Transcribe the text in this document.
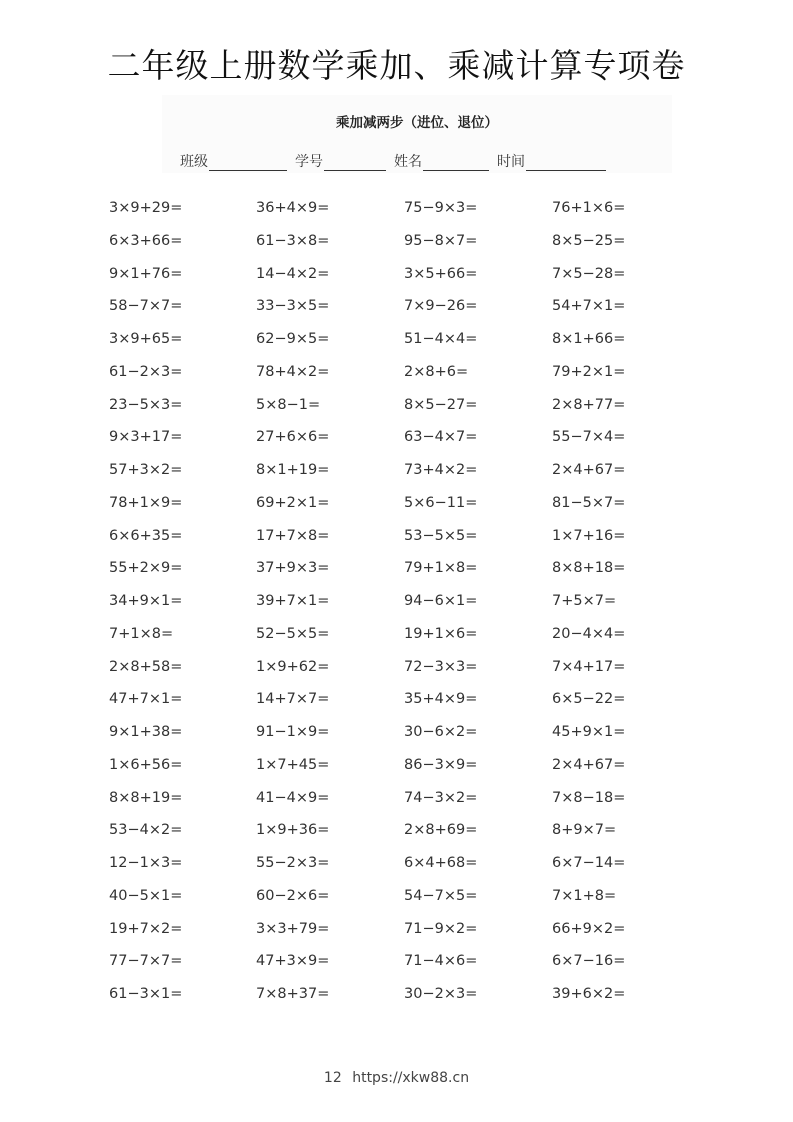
二年级上册数学乘加、乘减计算专项卷
乘加减两步（进位、退位）
班级	学号	姓名	时间
3×9+29=	36+4×9=	75−9×3=	76+1×6=
6×3+66=	61−3×8=	95−8×7=	8×5−25=
9×1+76=	14−4×2=	3×5+66=	7×5−28=
58−7×7=	33−3×5=	7×9−26=	54+7×1=
3×9+65=	62−9×5=	51−4×4=	8×1+66=
61−2×3=	78+4×2=	2×8+6=	79+2×1=
23−5×3=	5×8−1=	8×5−27=	2×8+77=
9×3+17=	27+6×6=	63−4×7=	55−7×4=
57+3×2=	8×1+19=	73+4×2=	2×4+67=
78+1×9=	69+2×1=	5×6−11=	81−5×7=
6×6+35=	17+7×8=	53−5×5=	1×7+16=
55+2×9=	37+9×3=	79+1×8=	8×8+18=
34+9×1=	39+7×1=	94−6×1=	7+5×7=
7+1×8=	52−5×5=	19+1×6=	20−4×4=
2×8+58=	1×9+62=	72−3×3=	7×4+17=
47+7×1=	14+7×7=	35+4×9=	6×5−22=
9×1+38=	91−1×9=	30−6×2=	45+9×1=
1×6+56=	1×7+45=	86−3×9=	2×4+67=
8×8+19=	41−4×9=	74−3×2=	7×8−18=
53−4×2=	1×9+36=	2×8+69=	8+9×7=
12−1×3=	55−2×3=	6×4+68=	6×7−14=
40−5×1=	60−2×6=	54−7×5=	7×1+8=
19+7×2=	3×3+79=	71−9×2=	66+9×2=
77−7×7=	47+3×9=	71−4×6=	6×7−16=
61−3×1=	7×8+37=	30−2×3=	39+6×2=
12 https://xkw88.cn
